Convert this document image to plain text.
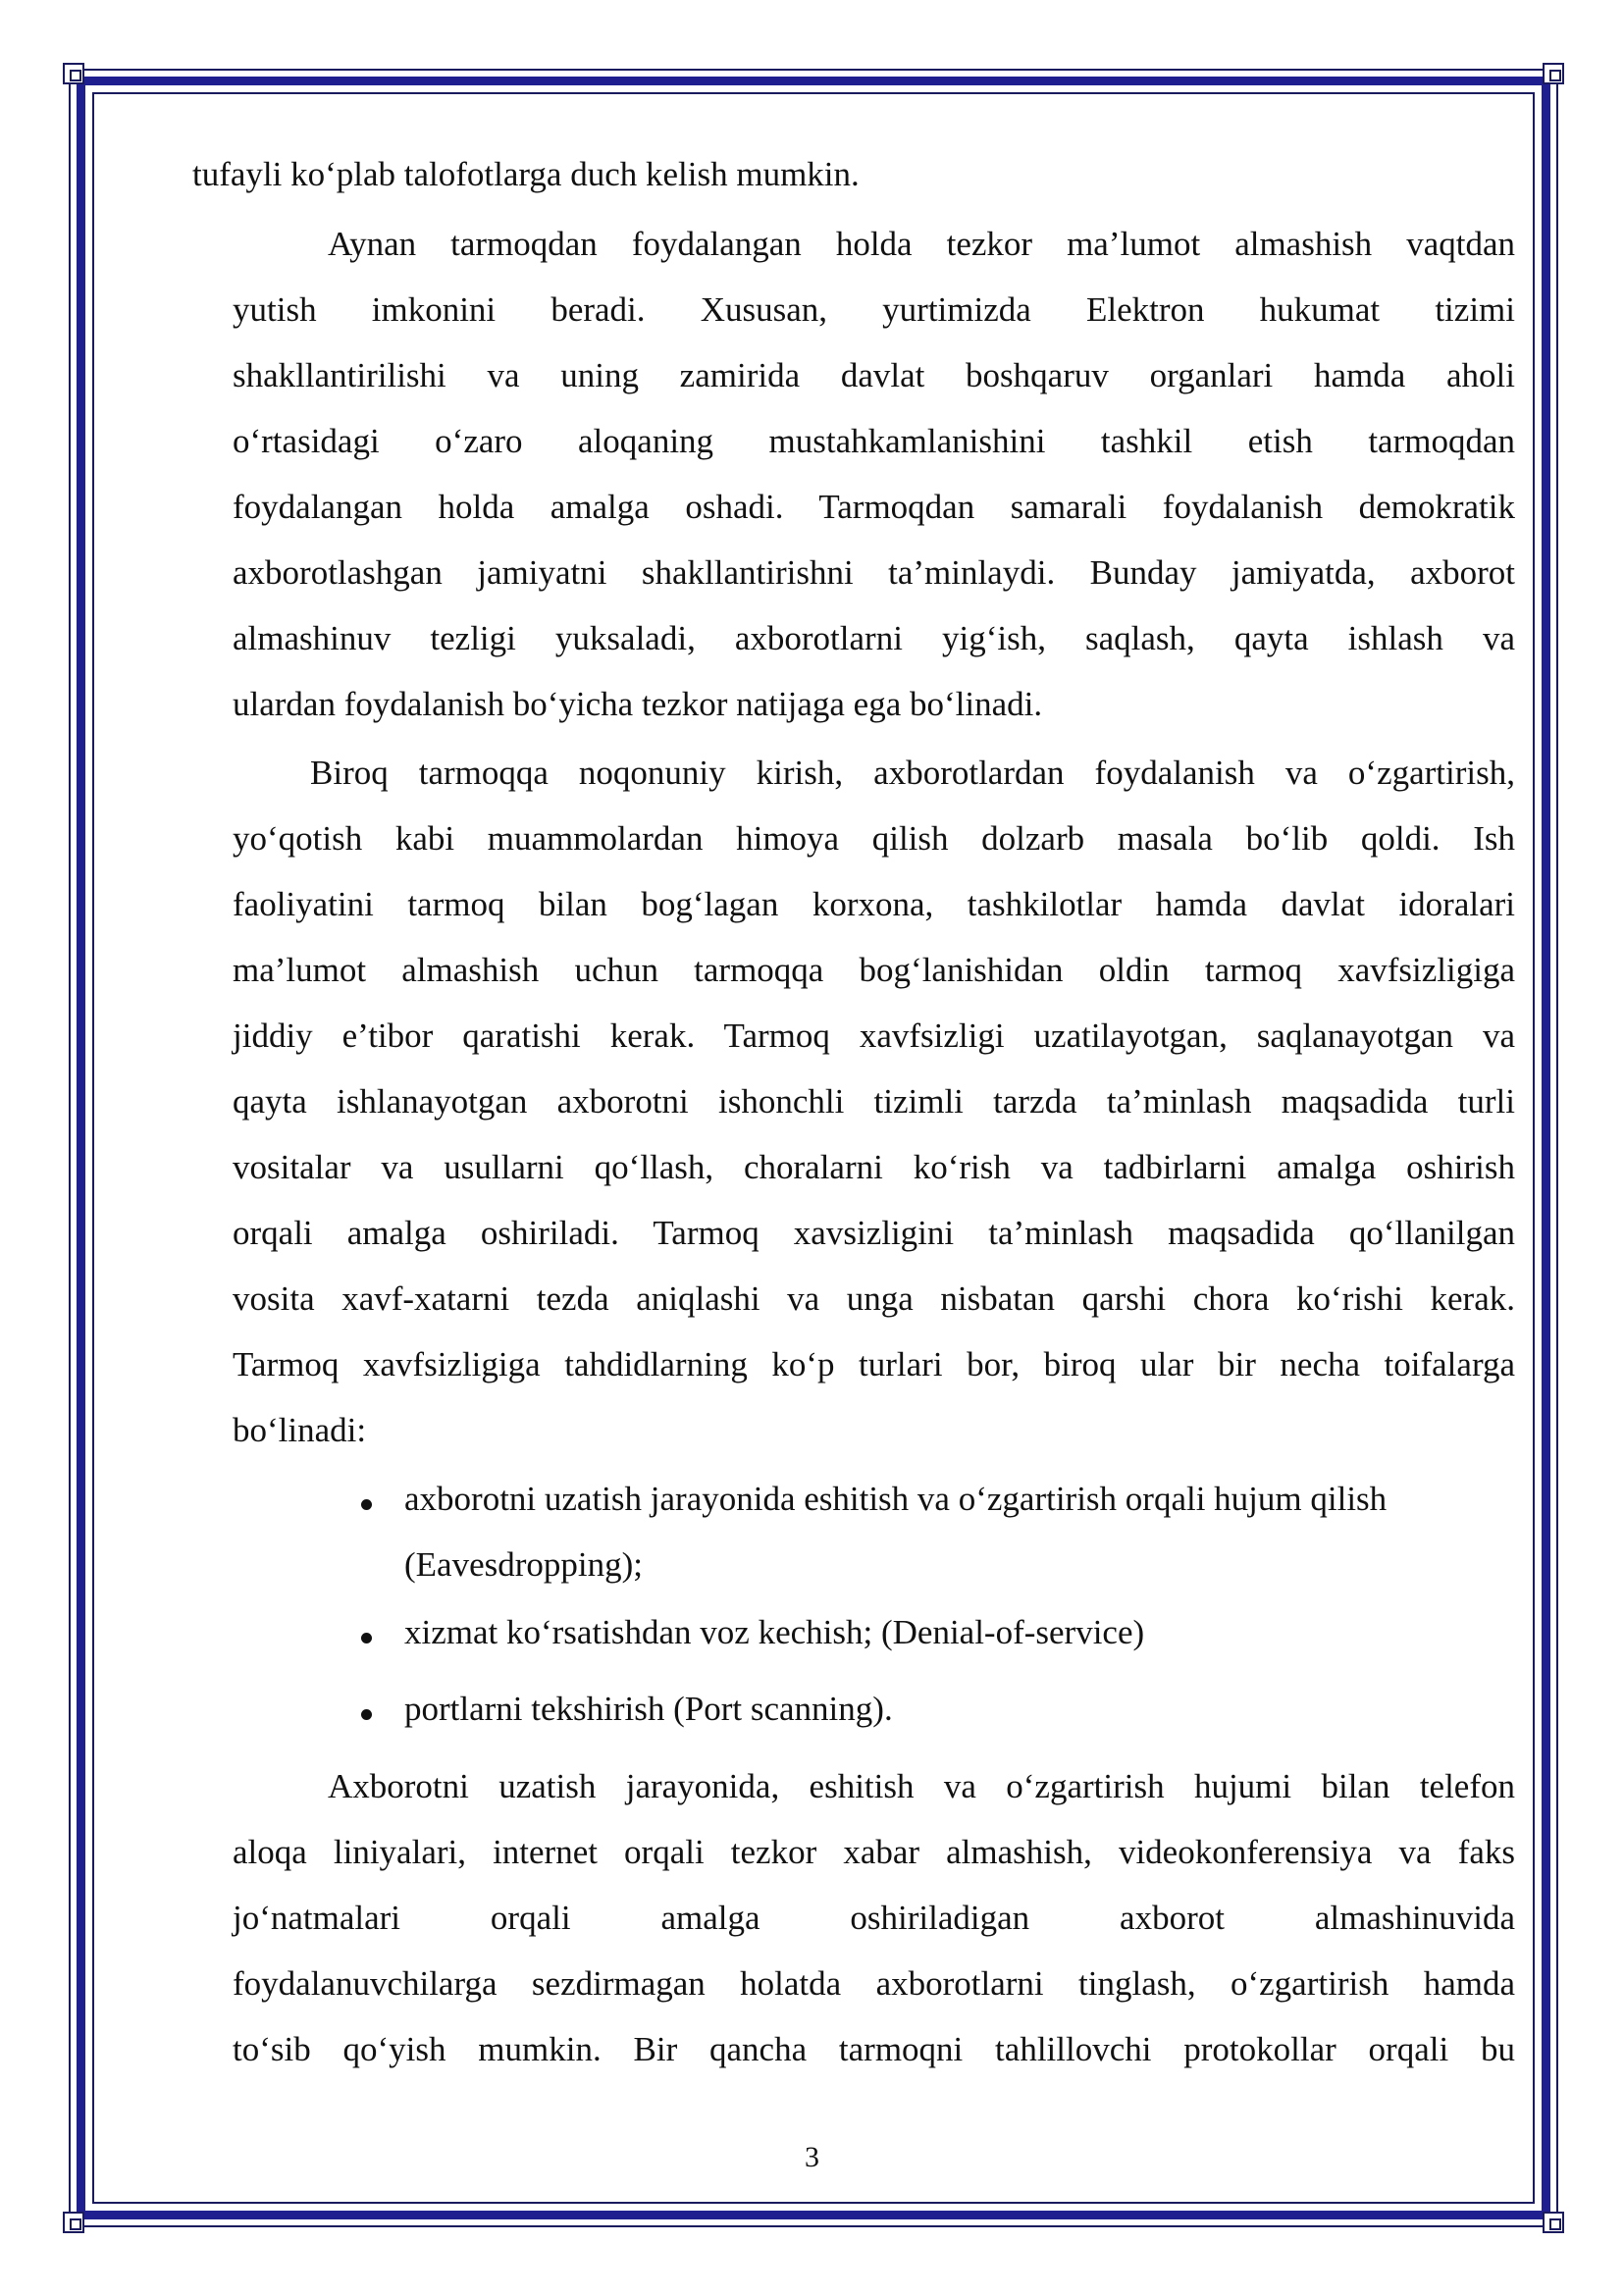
tufayli ko‘plab talofotlarga duch kelish mumkin.
Aynan tarmoqdan foydalangan holda tezkor ma’lumot almashish vaqtdan
yutish imkonini beradi. Xususan, yurtimizda Elektron hukumat tizimi
shakllantirilishi va uning zamirida davlat boshqaruv organlari hamda aholi
o‘rtasidagi o‘zaro aloqaning mustahkamlanishini tashkil etish tarmoqdan
foydalangan holda amalga oshadi. Tarmoqdan samarali foydalanish demokratik
axborotlashgan jamiyatni shakllantirishni ta’minlaydi. Bunday jamiyatda, axborot
almashinuv tezligi yuksaladi, axborotlarni yig‘ish, saqlash, qayta ishlash va
ulardan foydalanish bo‘yicha tezkor natijaga ega bo‘linadi.
Biroq tarmoqqa noqonuniy kirish, axborotlardan foydalanish va o‘zgartirish,
yo‘qotish kabi muammolardan himoya qilish dolzarb masala bo‘lib qoldi. Ish
faoliyatini tarmoq bilan bog‘lagan korxona, tashkilotlar hamda davlat idoralari
ma’lumot almashish uchun tarmoqqa bog‘lanishidan oldin tarmoq xavfsizligiga
jiddiy e’tibor qaratishi kerak. Tarmoq xavfsizligi uzatilayotgan, saqlanayotgan va
qayta ishlanayotgan axborotni ishonchli tizimli tarzda ta’minlash maqsadida turli
vositalar va usullarni qo‘llash, choralarni ko‘rish va tadbirlarni amalga oshirish
orqali amalga oshiriladi. Tarmoq xavsizligini ta’minlash maqsadida qo‘llanilgan
vosita xavf-xatarni tezda aniqlashi va unga nisbatan qarshi chora ko‘rishi kerak.
Tarmoq xavfsizligiga tahdidlarning ko‘p turlari bor, biroq ular bir necha toifalarga
bo‘linadi:
axborotni uzatish jarayonida eshitish va o‘zgartirish orqali hujum qilish
(Eavesdropping);
xizmat ko‘rsatishdan voz kechish; (Denial-of-service)
portlarni tekshirish (Port scanning).
Axborotni uzatish jarayonida, eshitish va o‘zgartirish hujumi bilan telefon
aloqa liniyalari, internet orqali tezkor xabar almashish, videokonferensiya va faks
jo‘natmalari orqali amalga oshiriladigan axborot almashinuvida
foydalanuvchilarga sezdirmagan holatda axborotlarni tinglash, o‘zgartirish hamda
to‘sib qo‘yish mumkin. Bir qancha tarmoqni tahlillovchi protokollar orqali bu
3
